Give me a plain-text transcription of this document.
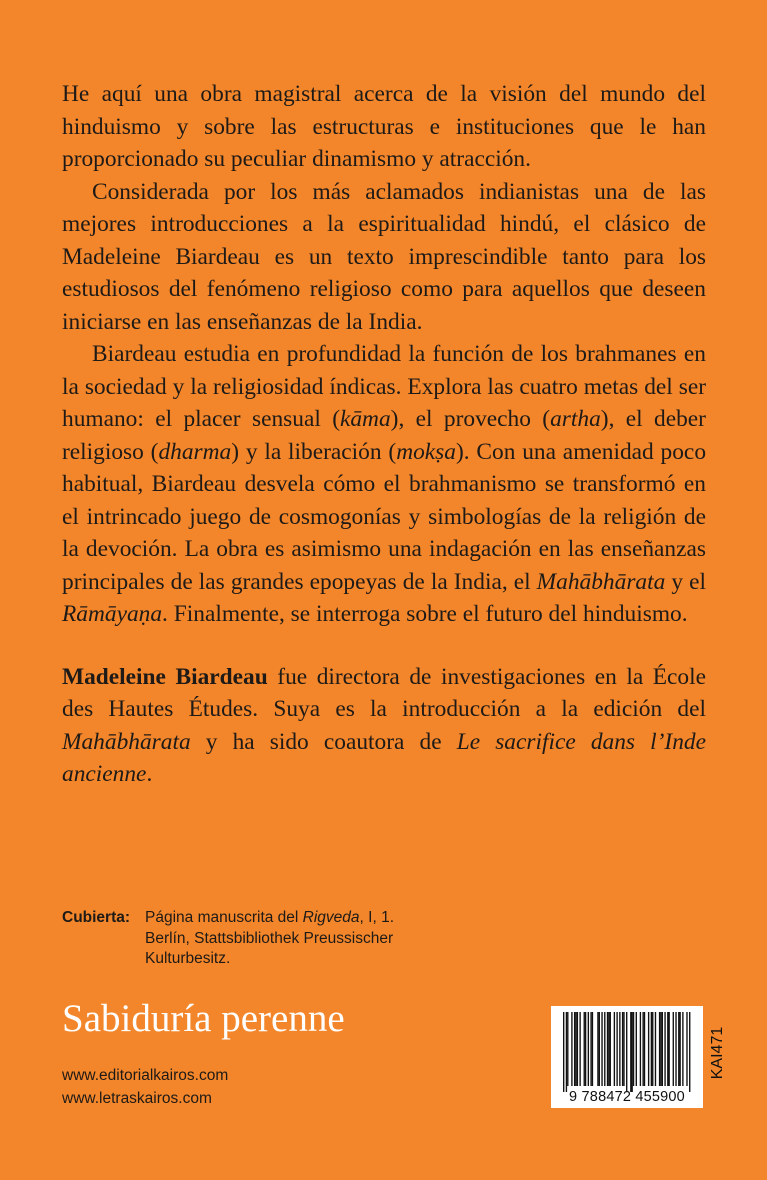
He aquí una obra magistral acerca de la visión del mundo del hinduismo y sobre las estructuras e instituciones que le han proporcionado su peculiar dinamismo y atracción.

Considerada por los más aclamados indianistas una de las mejores introducciones a la espiritualidad hindú, el clásico de Madeleine Biardeau es un texto imprescindible tanto para los estudiosos del fenómeno religioso como para aquellos que deseen iniciarse en las enseñanzas de la India.

Biardeau estudia en profundidad la función de los brahmanes en la sociedad y la religiosidad índicas. Explora las cuatro metas del ser humano: el placer sensual (kāma), el provecho (artha), el deber religioso (dharma) y la liberación (mokṣa). Con una amenidad poco habitual, Biardeau desvela cómo el brahmanismo se transformó en el intrincado juego de cosmogonías y simbologías de la religión de la devoción. La obra es asimismo una indagación en las enseñanzas principales de las grandes epopeyas de la India, el Mahābhārata y el Rāmāyaṇa. Finalmente, se interroga sobre el futuro del hinduismo.

Madeleine Biardeau fue directora de investigaciones en la École des Hautes Études. Suya es la introducción a la edición del Mahābhārata y ha sido coautora de Le sacrifice dans l’Inde ancienne.

Cubierta: Página manuscrita del Rigveda, I, 1.
Berlín, Stattsbibliothek Preussischer
Kulturbesitz.
Sabiduría perenne
www.editorialkairos.com
www.letraskairos.com	9 788472 455900
KAI471
